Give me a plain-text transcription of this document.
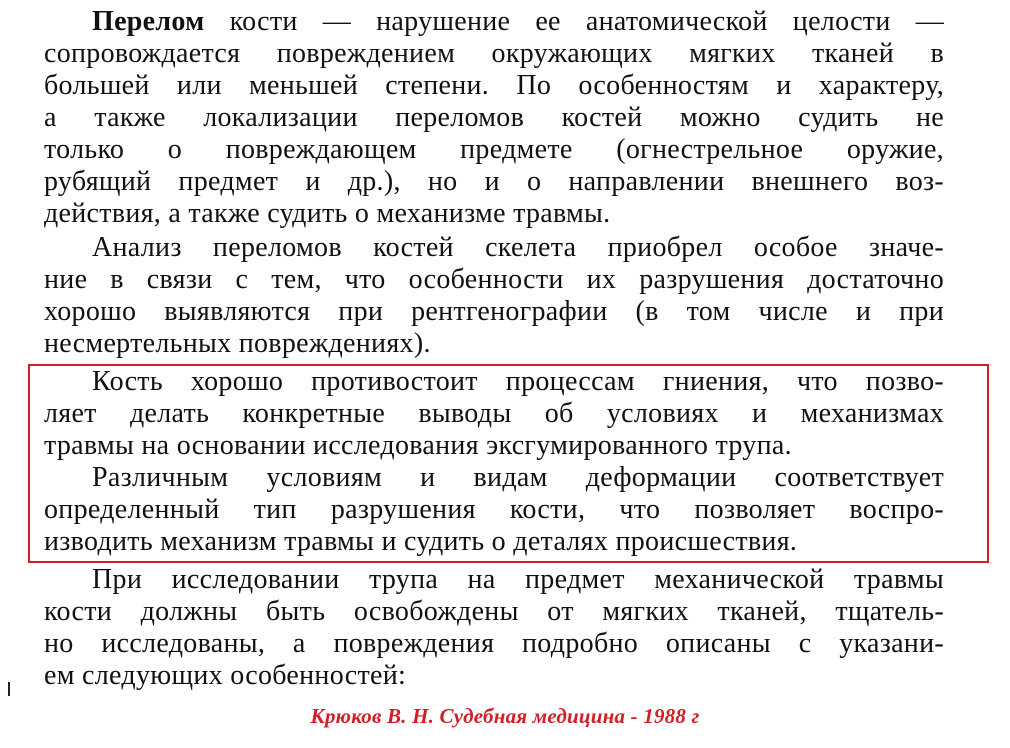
Перелом кости — нарушение ее анатомической целости —
сопровождается повреждением окружающих мягких тканей в
большей или меньшей степени. По особенностям и характеру,
а также локализации переломов костей можно судить не
только о повреждающем предмете (огнестрельное оружие,
рубящий предмет и др.), но и о направлении внешнего воз-
действия, а также судить о механизме травмы.
Анализ переломов костей скелета приобрел особое значе-
ние в связи с тем, что особенности их разрушения достаточно
хорошо выявляются при рентгенографии (в том числе и при
несмертельных повреждениях).
Кость хорошо противостоит процессам гниения, что позво-
ляет делать конкретные выводы об условиях и механизмах
травмы на основании исследования эксгумированного трупа.
Различным условиям и видам деформации соответствует
определенный тип разрушения кости, что позволяет воспро-
изводить механизм травмы и судить о деталях происшествия.
При исследовании трупа на предмет механической травмы
кости должны быть освобождены от мягких тканей, тщатель-
но исследованы, а повреждения подробно описаны с указани-
ем следующих особенностей:
Крюков В. Н. Судебная медицина - 1988 г
